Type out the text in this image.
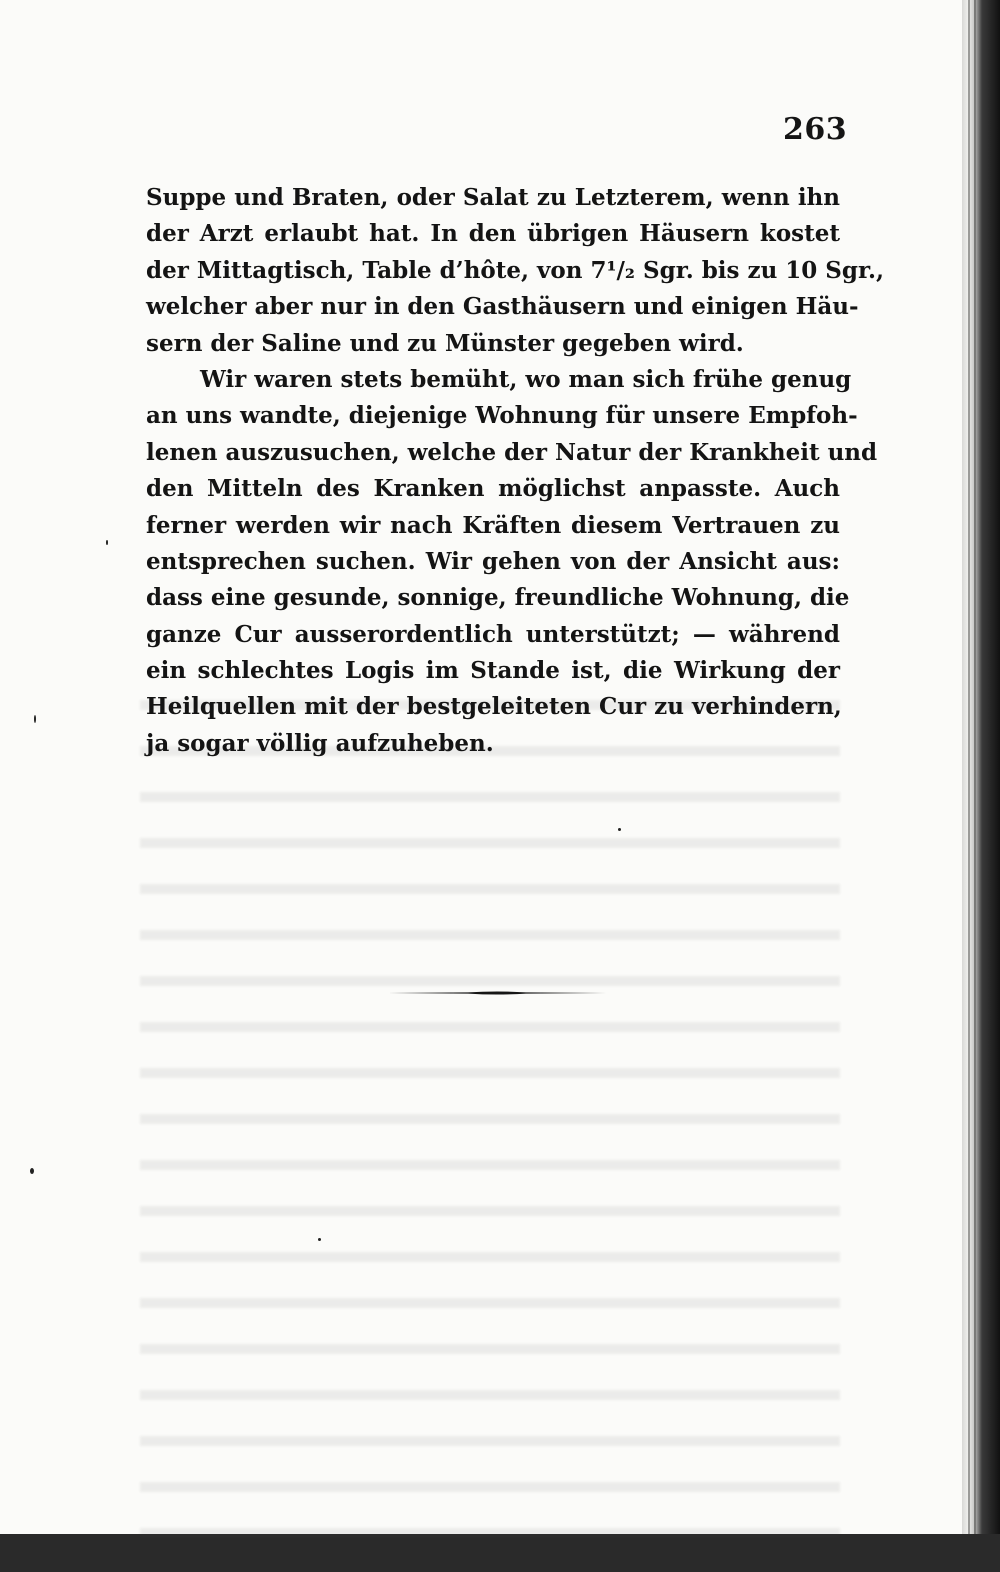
263
Suppe und Braten, oder Salat zu Letzterem, wenn ihn
der Arzt erlaubt hat. In den übrigen Häusern kostet
der Mittagtisch, Table d’hôte, von 7¹/₂ Sgr. bis zu 10 Sgr.,
welcher aber nur in den Gasthäusern und einigen Häu-
sern der Saline und zu Münster gegeben wird.
Wir waren stets bemüht, wo man sich frühe genug
an uns wandte, diejenige Wohnung für unsere Empfoh-
lenen auszusuchen, welche der Natur der Krankheit und
den Mitteln des Kranken möglichst anpasste. Auch
ferner werden wir nach Kräften diesem Vertrauen zu
entsprechen suchen. Wir gehen von der Ansicht aus:
dass eine gesunde, sonnige, freundliche Wohnung, die
ganze Cur ausserordentlich unterstützt; — während
ein schlechtes Logis im Stande ist, die Wirkung der
Heilquellen mit der bestgeleiteten Cur zu verhindern,
ja sogar völlig aufzuheben.
